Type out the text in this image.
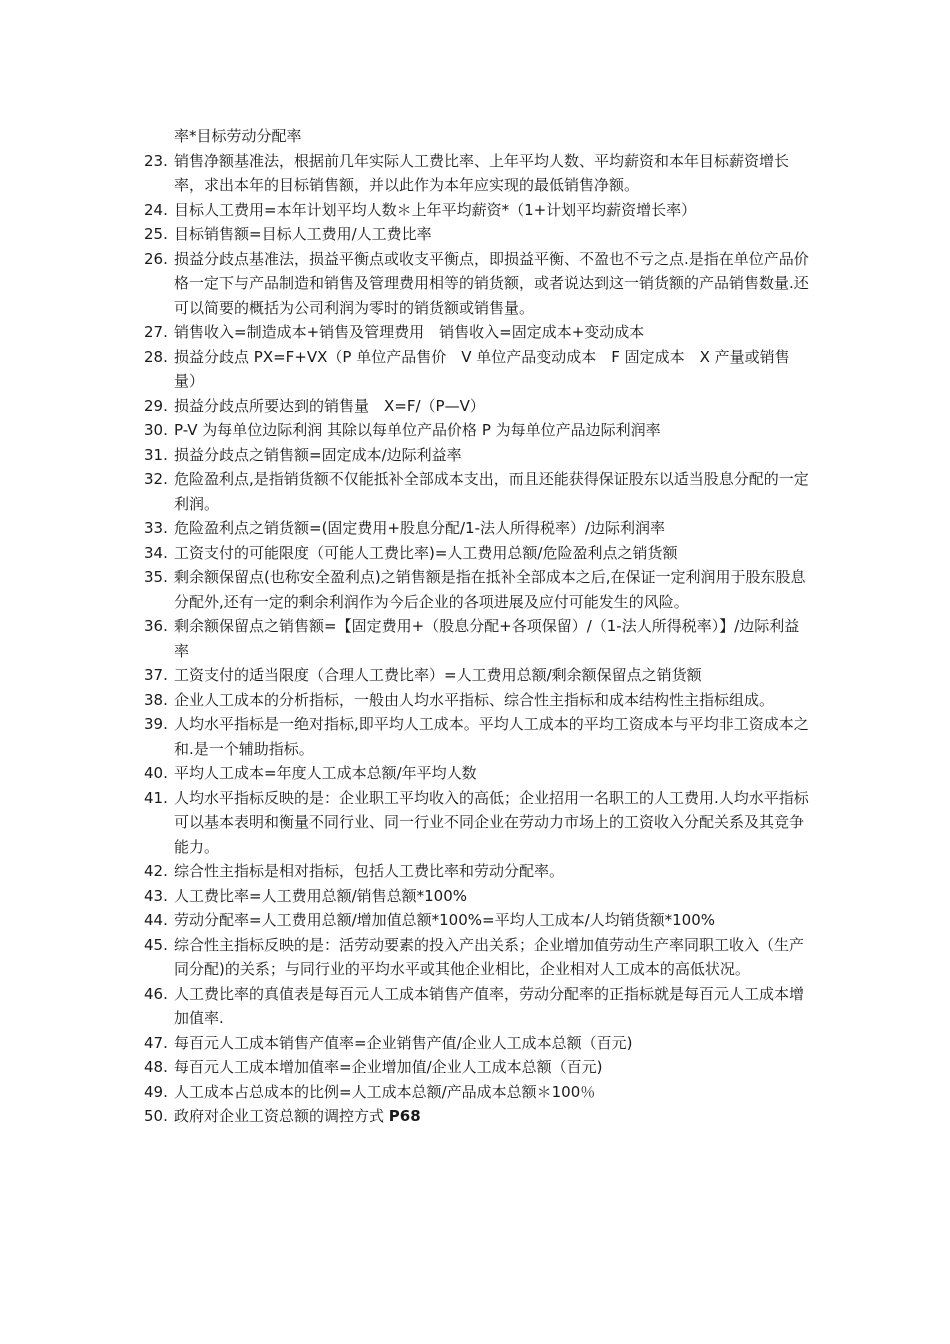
率*目标劳动分配率

23. 销售净额基准法，根据前几年实际人工费比率、上年平均人数、平均薪资和本年目标薪资增长率，求出本年的目标销售额，并以此作为本年应实现的最低销售净额。

24. 目标人工费用=本年计划平均人数＊上年平均薪资*（1+计划平均薪资增长率）

25. 目标销售额=目标人工费用/人工费比率

26. 损益分歧点基准法，损益平衡点或收支平衡点，即损益平衡、不盈也不亏之点.是指在单位产品价格一定下与产品制造和销售及管理费用相等的销货额，或者说达到这一销货额的产品销售数量.还可以简要的概括为公司利润为零时的销货额或销售量。

27. 销售收入=制造成本+销售及管理费用　销售收入=固定成本+变动成本

28. 损益分歧点 PX=F+VX（P 单位产品售价　V 单位产品变动成本　F 固定成本　X 产量或销售量）

29. 损益分歧点所要达到的销售量　X=F/（P—V）

30. P-V 为每单位边际利润 其除以每单位产品价格 P 为每单位产品边际利润率

31. 损益分歧点之销售额=固定成本/边际利益率

32. 危险盈利点,是指销货额不仅能抵补全部成本支出，而且还能获得保证股东以适当股息分配的一定利润。

33. 危险盈利点之销货额=(固定费用+股息分配/1-法人所得税率）/边际利润率

34. 工资支付的可能限度（可能人工费比率)=人工费用总额/危险盈利点之销货额

35. 剩余额保留点(也称安全盈利点)之销售额是指在抵补全部成本之后,在保证一定利润用于股东股息分配外,还有一定的剩余利润作为今后企业的各项进展及应付可能发生的风险。

36. 剩余额保留点之销售额=【固定费用+（股息分配+各项保留）/（1-法人所得税率）】/边际利益率

37. 工资支付的适当限度（合理人工费比率）=人工费用总额/剩余额保留点之销货额

38. 企业人工成本的分析指标，一般由人均水平指标、综合性主指标和成本结构性主指标组成。

39. 人均水平指标是一绝对指标,即平均人工成本。平均人工成本的平均工资成本与平均非工资成本之和.是一个辅助指标。

40. 平均人工成本=年度人工成本总额/年平均人数

41. 人均水平指标反映的是：企业职工平均收入的高低；企业招用一名职工的人工费用.人均水平指标可以基本表明和衡量不同行业、同一行业不同企业在劳动力市场上的工资收入分配关系及其竞争能力。

42. 综合性主指标是相对指标，包括人工费比率和劳动分配率。

43. 人工费比率=人工费用总额/销售总额*100%

44. 劳动分配率=人工费用总额/增加值总额*100%=平均人工成本/人均销货额*100%

45. 综合性主指标反映的是：活劳动要素的投入产出关系；企业增加值劳动生产率同职工收入（生产同分配)的关系；与同行业的平均水平或其他企业相比，企业相对人工成本的高低状况。

46. 人工费比率的真值表是每百元人工成本销售产值率，劳动分配率的正指标就是每百元人工成本增加值率.

47. 每百元人工成本销售产值率=企业销售产值/企业人工成本总额（百元)

48. 每百元人工成本增加值率=企业增加值/企业人工成本总额（百元)

49. 人工成本占总成本的比例=人工成本总额/产品成本总额＊100％

50. 政府对企业工资总额的调控方式 P68
